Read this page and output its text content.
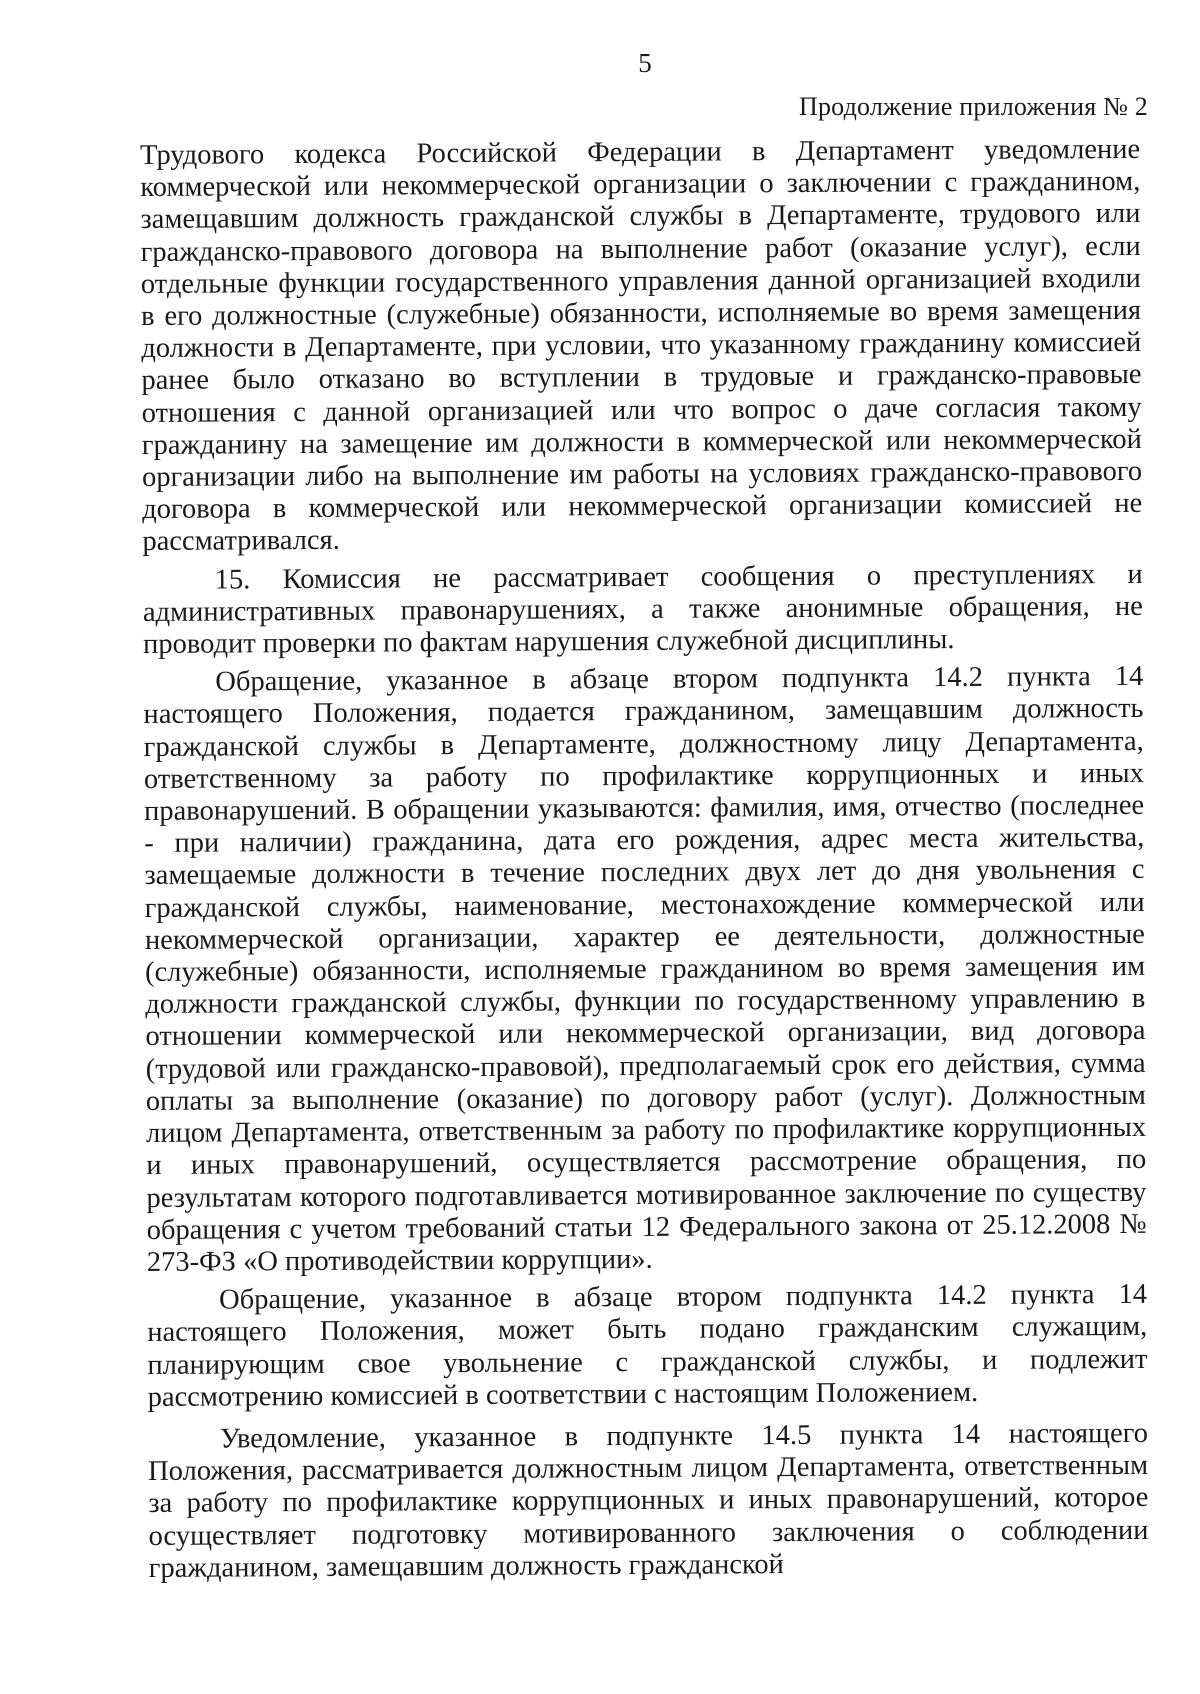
5
Продолжение приложения № 2

Трудового кодекса Российской Федерации в Департамент уведомление коммерческой или некоммерческой организации о заключении с гражданином, замещавшим должность гражданской службы в Департаменте, трудового или гражданско-правового договора на выполнение работ (оказание услуг), если отдельные функции государственного управления данной организацией входили в его должностные (служебные) обязанности, исполняемые во время замещения должности в Департаменте, при условии, что указанному гражданину комиссией ранее было отказано во вступлении в трудовые и гражданско-правовые отношения с данной организацией или что вопрос о даче согласия такому гражданину на замещение им должности в коммерческой или некоммерческой организации либо на выполнение им работы на условиях гражданско-правового договора в коммерческой или некоммерческой организации комиссией не рассматривался.

15. Комиссия не рассматривает сообщения о преступлениях и административных правонарушениях, а также анонимные обращения, не проводит проверки по фактам нарушения служебной дисциплины.

Обращение, указанное в абзаце втором подпункта 14.2 пункта 14 настоящего Положения, подается гражданином, замещавшим должность гражданской службы в Департаменте, должностному лицу Департамента, ответственному за работу по профилактике коррупционных и иных правонарушений. В обращении указываются: фамилия, имя, отчество (последнее - при наличии) гражданина, дата его рождения, адрес места жительства, замещаемые должности в течение последних двух лет до дня увольнения с гражданской службы, наименование, местонахождение коммерческой или некоммерческой организации, характер ее деятельности, должностные (служебные) обязанности, исполняемые гражданином во время замещения им должности гражданской службы, функции по государственному управлению в отношении коммерческой или некоммерческой организации, вид договора (трудовой или гражданско-правовой), предполагаемый срок его действия, сумма оплаты за выполнение (оказание) по договору работ (услуг). Должностным лицом Департамента, ответственным за работу по профилактике коррупционных и иных правонарушений, осуществляется рассмотрение обращения, по результатам которого подготавливается мотивированное заключение по существу обращения с учетом требований статьи 12 Федерального закона от 25.12.2008 № 273-ФЗ «О противодействии коррупции».

Обращение, указанное в абзаце втором подпункта 14.2 пункта 14 настоящего Положения, может быть подано гражданским служащим, планирующим свое увольнение с гражданской службы, и подлежит рассмотрению комиссией в соответствии с настоящим Положением.

Уведомление, указанное в подпункте 14.5 пункта 14 настоящего Положения, рассматривается должностным лицом Департамента, ответственным за работу по профилактике коррупционных и иных правонарушений, которое осуществляет подготовку мотивированного заключения о соблюдении гражданином, замещавшим должность гражданской
